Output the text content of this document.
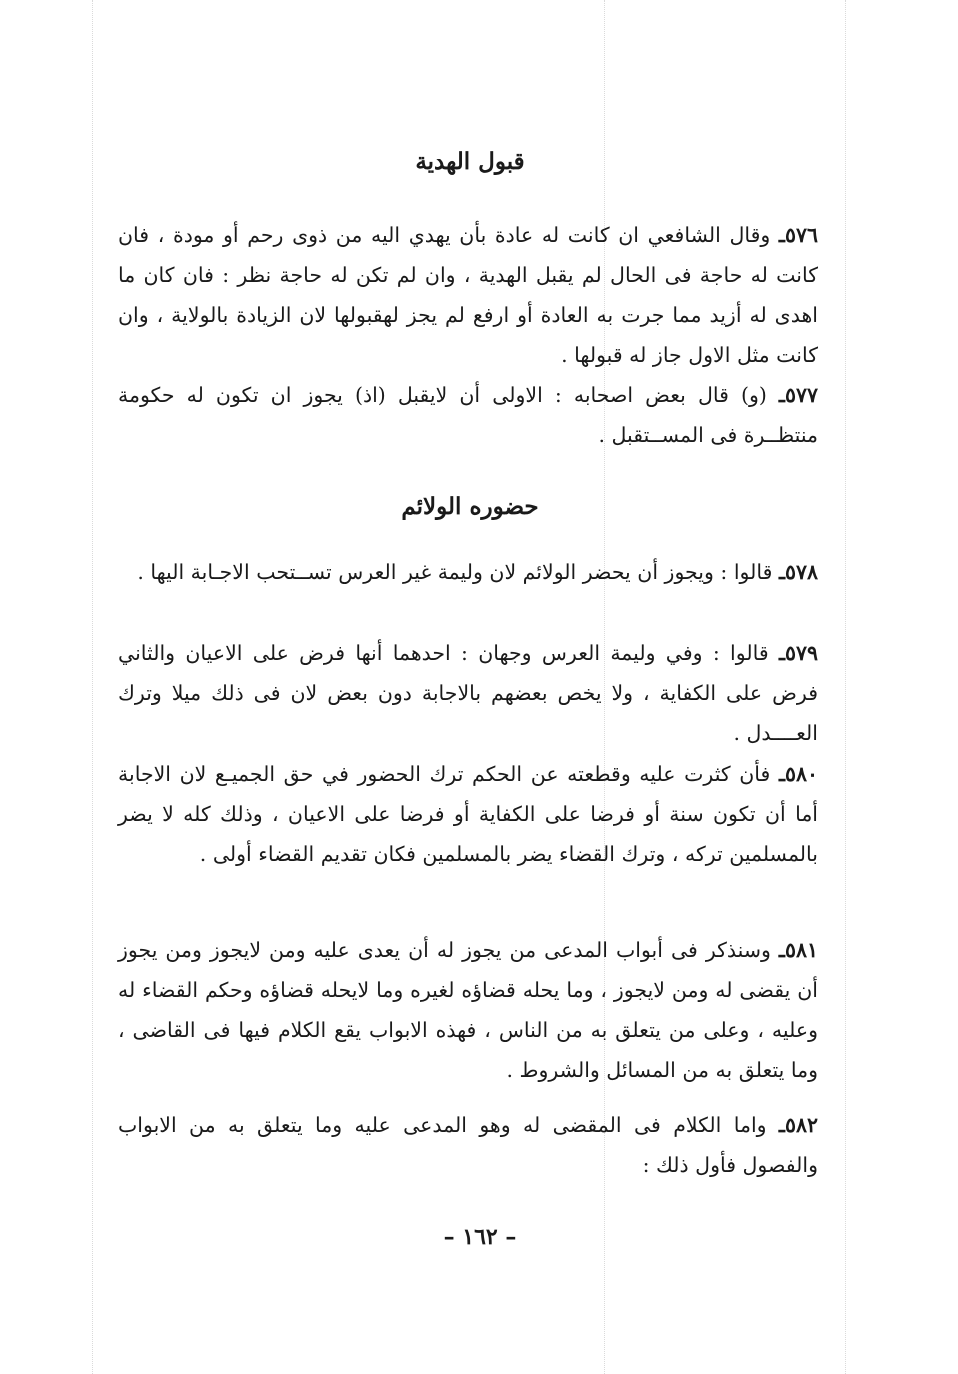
قبول الهدية
٥٧٦ـ وقال الشافعي ان كانت له عادة بأن يهدي اليه من ذوى رحم أو مودة ، فان كانت له حاجة فى الحال لم يقبل الهدية ، وان لم تكن له حاجة نظر : فان كان ما اهدى له أزيد مما جرت به العادة أو ارفع لم يجز لهقبولها لان الزيادة بالولاية ، وان كانت مثل الاول جاز له قبولها .
٥٧٧ـ (و) قال بعض اصحابه : الاولى أن لايقبل (اذ) يجوز ان تكون له حكومة منتظــرة فى المســتقبل .
حضوره الولائم
٥٧٨ـ قالوا : ويجوز أن يحضر الولائم لان وليمة غير العرس تســتحب الاجـابة اليها .
٥٧٩ـ قالوا : وفي وليمة العرس وجهان : احدهما أنها فرض على الاعيان والثاني فرض على الكفاية ، ولا يخص بعضهم بالاجابة دون بعض لان فى ذلك ميلا وترك العــــدل .
٥٨٠ـ فأن كثرت عليه وقطعته عن الحكم ترك الحضور في حق الجميـع لان الاجابة أما أن تكون سنة أو فرضا على الكفاية أو فرضا على الاعيان ، وذلك كله لا يضر بالمسلمين تركه ، وترك القضاء يضر بالمسلمين فكان تقديم القضاء أولى .
٥٨١ـ وسنذكر فى أبواب المدعى من يجوز له أن يعدى عليه ومن لايجوز ومن يجوز أن يقضى له ومن لايجوز ، وما يحله قضاؤه لغيره وما لايحله قضاؤه وحكم القضاء له وعليه ، وعلى من يتعلق به من الناس ، فهذه الابواب يقع الكلام فيها فى القاضى ، وما يتعلق به من المسائل والشروط .
٥٨٢ـ واما الكلام فى المقضى له وهو المدعى عليه وما يتعلق به من الابواب والفصول فأول ذلك :
– ١٦٢ –
